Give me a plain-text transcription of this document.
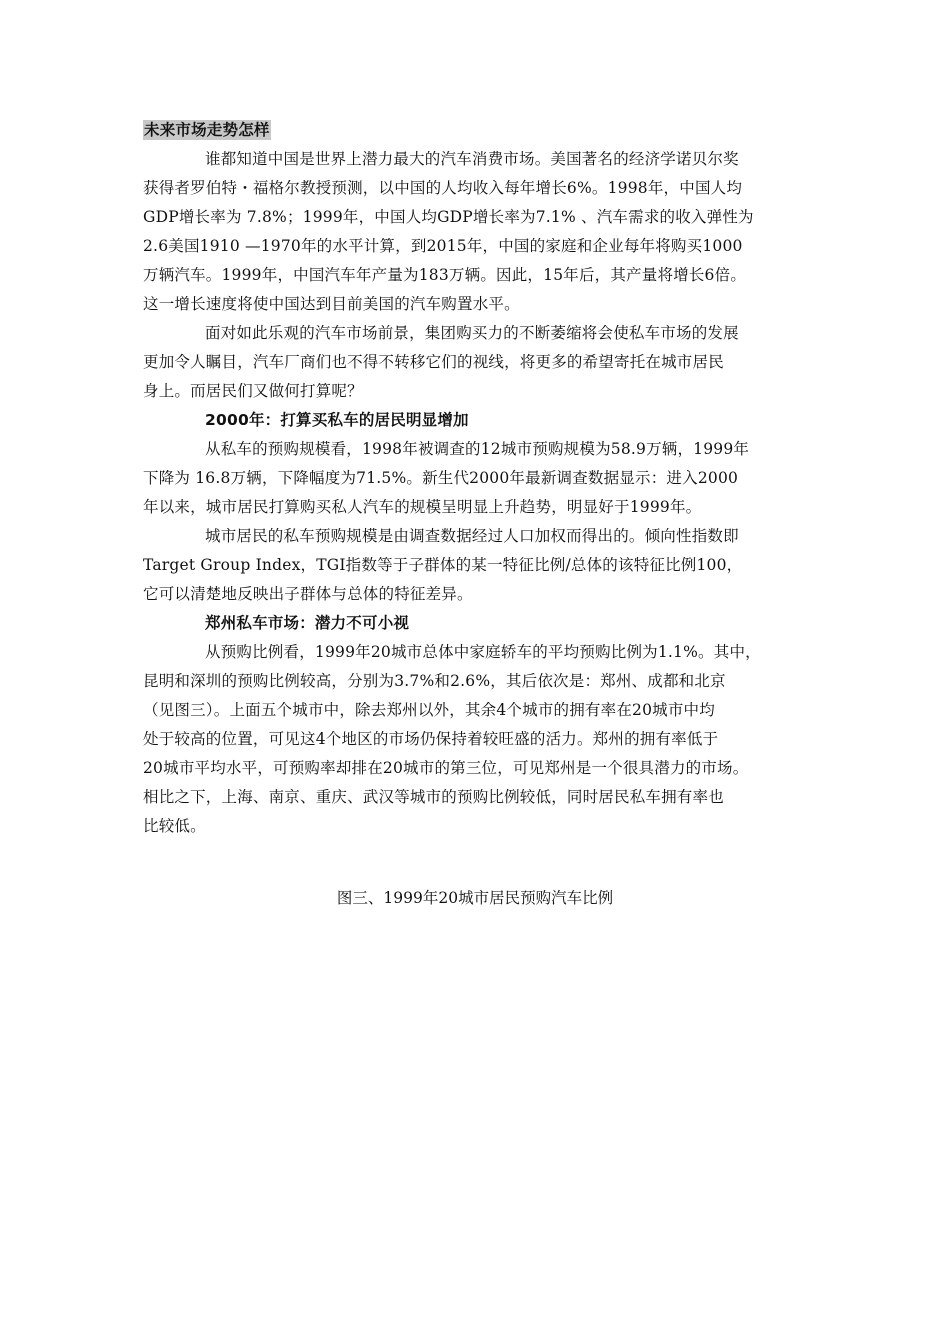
未来市场走势怎样
谁都知道中国是世界上潜力最大的汽车消费市场。美国著名的经济学诺贝尔奖
获得者罗伯特・福格尔教授预测，以中国的人均收入每年增长6%。1998年，中国人均
GDP增长率为 7.8%；1999年，中国人均GDP增长率为7.1% 、汽车需求的收入弹性为
2.6美国1910 —1970年的水平计算，到2015年，中国的家庭和企业每年将购买1000
万辆汽车。1999年，中国汽车年产量为183万辆。因此，15年后，其产量将增长6倍。
这一增长速度将使中国达到目前美国的汽车购置水平。
面对如此乐观的汽车市场前景，集团购买力的不断萎缩将会使私车市场的发展
更加令人瞩目，汽车厂商们也不得不转移它们的视线，将更多的希望寄托在城市居民
身上。而居民们又做何打算呢？
2000年：打算买私车的居民明显增加
从私车的预购规模看，1998年被调查的12城市预购规模为58.9万辆，1999年
下降为 16.8万辆，下降幅度为71.5%。新生代2000年最新调查数据显示：进入2000
年以来，城市居民打算购买私人汽车的规模呈明显上升趋势，明显好于1999年。
城市居民的私车预购规模是由调查数据经过人口加权而得出的。倾向性指数即
Target Group Index，TGI指数等于子群体的某一特征比例/总体的该特征比例100，
它可以清楚地反映出子群体与总体的特征差异。
郑州私车市场：潜力不可小视
从预购比例看，1999年20城市总体中家庭轿车的平均预购比例为1.1%。其中，
昆明和深圳的预购比例较高，分别为3.7%和2.6%，其后依次是：郑州、成都和北京
（见图三）。上面五个城市中，除去郑州以外，其余4个城市的拥有率在20城市中均
处于较高的位置，可见这4个地区的市场仍保持着较旺盛的活力。郑州的拥有率低于
20城市平均水平，可预购率却排在20城市的第三位，可见郑州是一个很具潜力的市场。
相比之下，上海、南京、重庆、武汉等城市的预购比例较低，同时居民私车拥有率也
比较低。
图三、1999年20城市居民预购汽车比例
